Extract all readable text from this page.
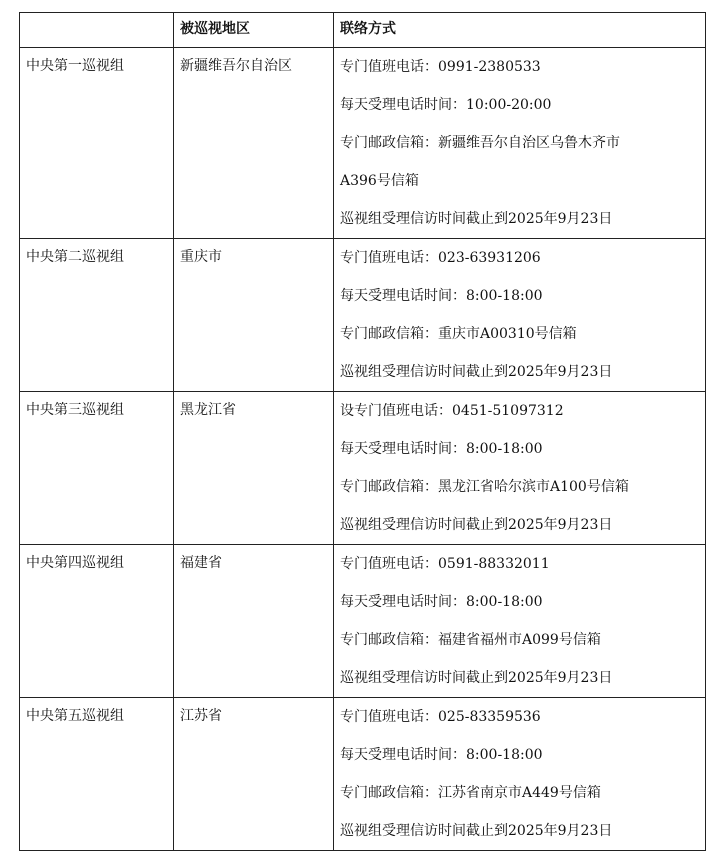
	被巡视地区	联络方式
中央第一巡视组	新疆维吾尔自治区	专门值班电话：0991-2380533
每天受理电话时间：10:00-20:00
专门邮政信箱：新疆维吾尔自治区乌鲁木齐市
A396号信箱
巡视组受理信访时间截止到2025年9月23日

中央第二巡视组	重庆市	专门值班电话：023-63931206
每天受理电话时间：8:00-18:00
专门邮政信箱：重庆市A00310号信箱
巡视组受理信访时间截止到2025年9月23日

中央第三巡视组	黑龙江省	设专门值班电话：0451-51097312
每天受理电话时间：8:00-18:00
专门邮政信箱：黑龙江省哈尔滨市A100号信箱
巡视组受理信访时间截止到2025年9月23日

中央第四巡视组	福建省	专门值班电话：0591-88332011
每天受理电话时间：8:00-18:00
专门邮政信箱：福建省福州市A099号信箱
巡视组受理信访时间截止到2025年9月23日

中央第五巡视组	江苏省	专门值班电话：025-83359536
每天受理电话时间：8:00-18:00
专门邮政信箱：江苏省南京市A449号信箱
巡视组受理信访时间截止到2025年9月23日
